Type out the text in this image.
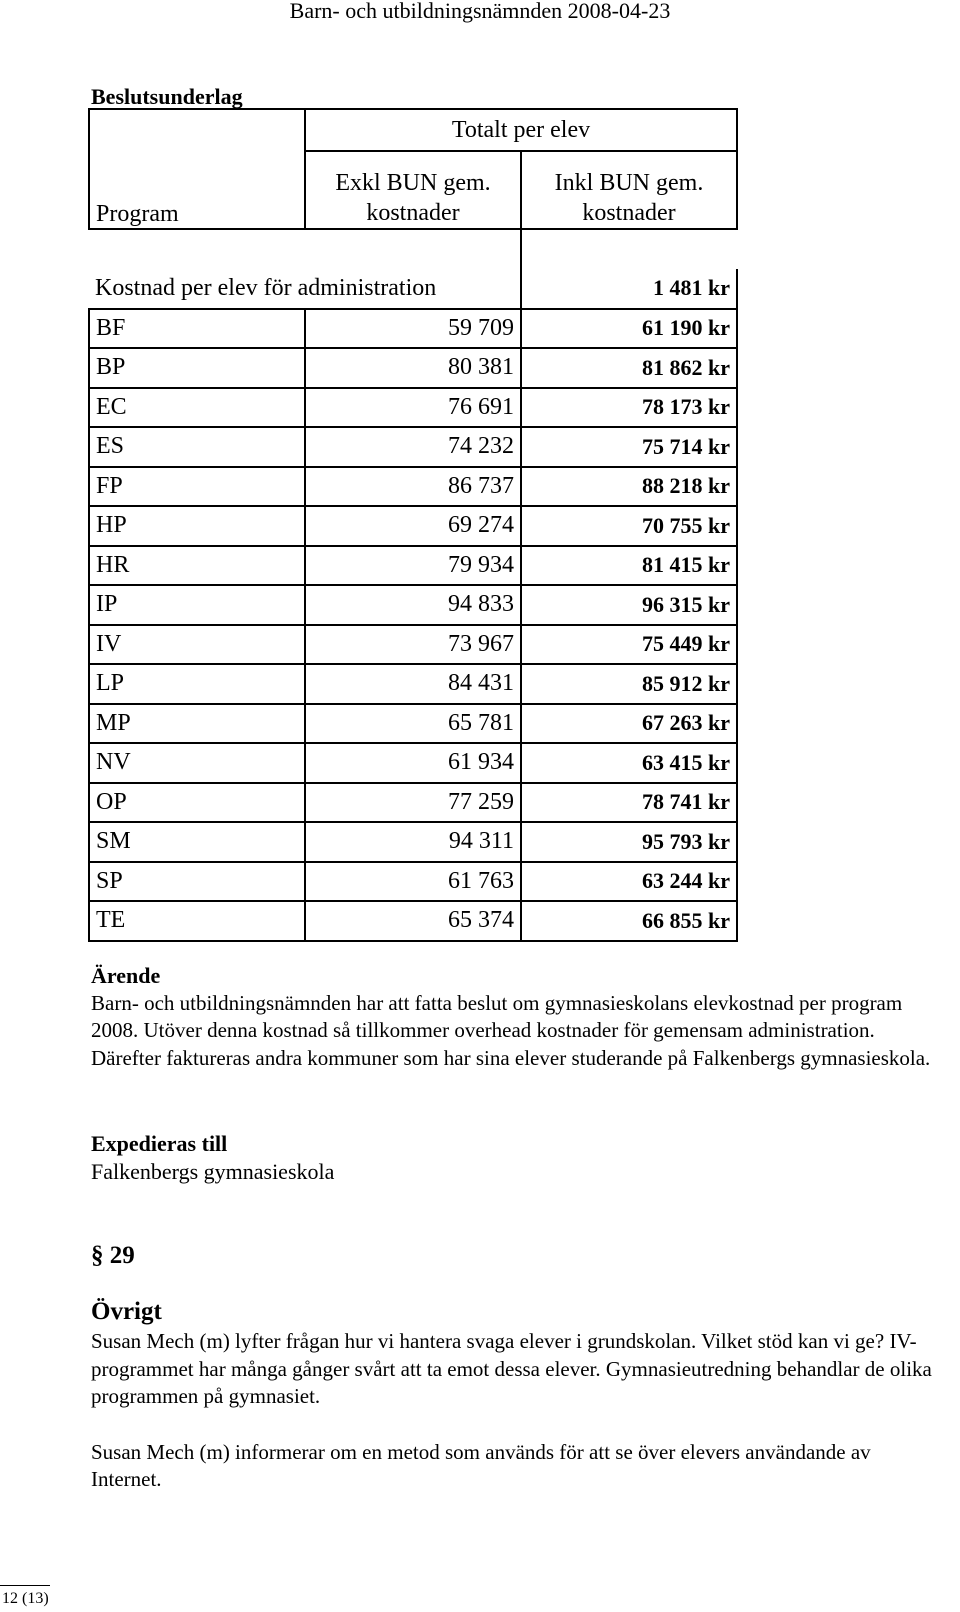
Barn- och utbildningsnämnden 2008-04-23
Beslutsunderlag
	Totalt per elev	
Program	Exkl BUN gem. kostnader	Inkl BUN gem. kostnader

Kostnad per elev för administration		1 481 kr
BF	59 709	61 190 kr
BP	80 381	81 862 kr
EC	76 691	78 173 kr
ES	74 232	75 714 kr
FP	86 737	88 218 kr
HP	69 274	70 755 kr
HR	79 934	81 415 kr
IP	94 833	96 315 kr
IV	73 967	75 449 kr
LP	84 431	85 912 kr
MP	65 781	67 263 kr
NV	61 934	63 415 kr
OP	77 259	78 741 kr
SM	94 311	95 793 kr
SP	61 763	63 244 kr
TE	65 374	66 855 kr

Ärende

Barn- och utbildningsnämnden har att fatta beslut om gymnasieskolans elevkostnad per program 2008. Utöver denna kostnad så tillkommer overhead kostnader för gemensam administration. Därefter faktureras andra kommuner som har sina elever studerande på Falkenbergs gymnasieskola.

Expedieras till

Falkenbergs gymnasieskola

§ 29

Övrigt

Susan Mech (m) lyfter frågan hur vi hantera svaga elever i grundskolan. Vilket stöd kan vi ge? IV-programmet har många gånger svårt att ta emot dessa elever. Gymnasieutredning behandlar de olika programmen på gymnasiet.

Susan Mech (m) informerar om en metod som används för att se över elevers användande av Internet.

12 (13)
